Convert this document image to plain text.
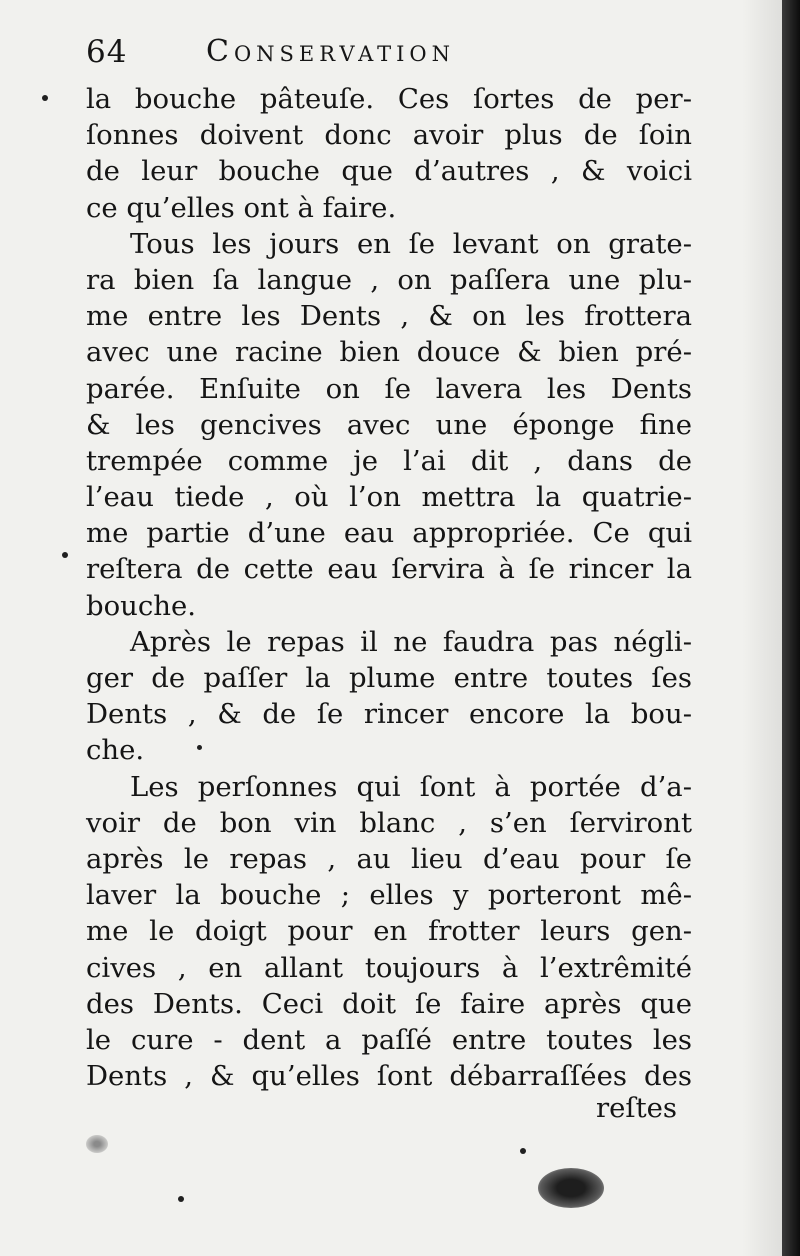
64	Conservation
la bouche pâteuſe. Ces ſortes de per-
ſonnes doivent donc avoir plus de ſoin
de leur bouche que d’autres , & voici
ce qu’elles ont à faire.
Tous les jours en ſe levant on grate-
ra bien ſa langue , on paſſera une plu-
me entre les Dents , & on les frottera
avec une racine bien douce & bien pré-
parée. Enſuite on ſe lavera les Dents
& les gencives avec une éponge fine
trempée comme je l’ai dit , dans de
l’eau tiede , où l’on mettra la quatrie-
me partie d’une eau appropriée. Ce qui
reſtera de cette eau ſervira à ſe rincer la
bouche.
Après le repas il ne faudra pas négli-
ger de paſſer la plume entre toutes ſes
Dents , & de ſe rincer encore la bou-
che.
Les perſonnes qui ſont à portée d’a-
voir de bon vin blanc , s’en ſerviront
après le repas , au lieu d’eau pour ſe
laver la bouche ; elles y porteront mê-
me le doigt pour en frotter leurs gen-
cives , en allant toujours à l’extrêmité
des Dents. Ceci doit ſe faire après que
le cure - dent a paſſé entre toutes les
Dents , & qu’elles ſont débarraſſées des
reſtes
